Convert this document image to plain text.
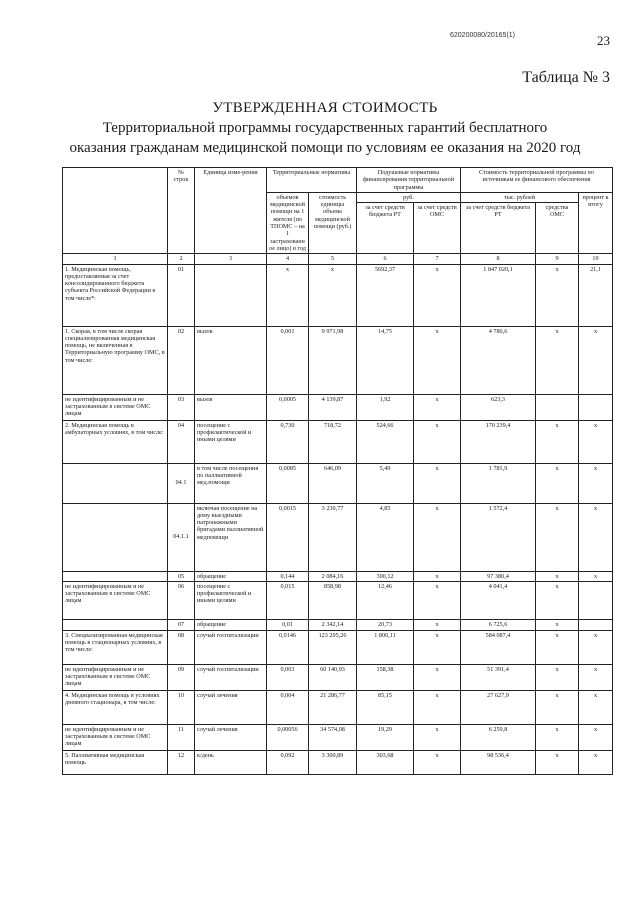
620200080/20165(1)	23
Таблица № 3
УТВЕРЖДЕННАЯ СТОИМОСТЬ
Территориальной программы государственных гарантий бесплатного
оказания гражданам медицинской помощи по условиям ее оказания на 2020 год
	№ строк	Единица изме-рения	Территориальные нормативы		Подушевые нормативы финансирования территориальной программы		Стоимость территориальной программы по источникам ее финансового обеспечения		
			объемов медицинской помощи на 1 жителя (по ТПОМС – на 1 застрахованное лицо) в год	стоимость единицы объема медицинской помощи (руб.)	руб.		тыс. рублей		процент к итогу
					за счет средств бюджета РТ	за счет средств ОМС	за счет средств бюджета РТ	средства ОМС	

1	2	3	4	5	6	7	8	9	10
1. Медицинская помощь, предоставляемая за счет консолидированного бюджета субъекта Российской Федерации в том числе*:	01		x	x	5692,37	x	1 847 020,1	x	21,1
1. Скорая, в том числе скорая специализированная медицинская помощь, не включенная в Территориальную программу ОМС, в том числе:	02	вызов	0,001	9 971,98	14,75	x	4 786,6	x	x
не идентифицированным и не застрахованным в системе ОМС лицам	03	вызов	0,0005	4 139,87	1,92	x	623,3		
2. Медицинская помощь в амбулаторных условиях, в том числе:	04	посещение с профилактической и иными целями	0,730	718,72	524,66	x	170 239,4	x	x
	04.1	в том числе посещения по паллиативной мед.помощи	0,0085	646,09	5,49	x	1 781,9	x	x
	04.1.1	включая посещение на дому выездными патронажными бригадами паллиативной медпомощи	0,0015	3 230,77	4,85	x	1 572,4	x	x
	05	обращение	0,144	2 084,16	300,12	x	97 380,4	x	x
не идентифицированным и не застрахованным в системе ОМС лицам	06	посещение с профилактической и иными целями	0,015	858,98	12,46	x	4 041,4	x	
	07	обращение	0,01	2 342,14	20,73	x	6 725,6	x	
3. Специализированная медицинская помощь в стационарных условиях, в том числе:	08	случай госпитализации	0,0146	123 295,26	1 800,11	x	584 087,4	x	x
не идентифицированным и не застрахованным в системе ОМС лицам	09	случай госпитализации	0,003	60 140,93	158,38	x	51 391,4	x	x
4. Медицинская помощь в условиях дневного стационара, в том числе:	10	случай лечения	0,004	21 286,77	85,15	x	27 627,9	x	x
не идентифицированным и не застрахованным в системе ОМС лицам	11	случай лечения	0,00056	34 574,08	19,29	x	6 259,8	x	x
5. Паллиативная медицинская помощь	12	к/день	0,092	3 300,89	303,68	x	98 536,4	x	x
